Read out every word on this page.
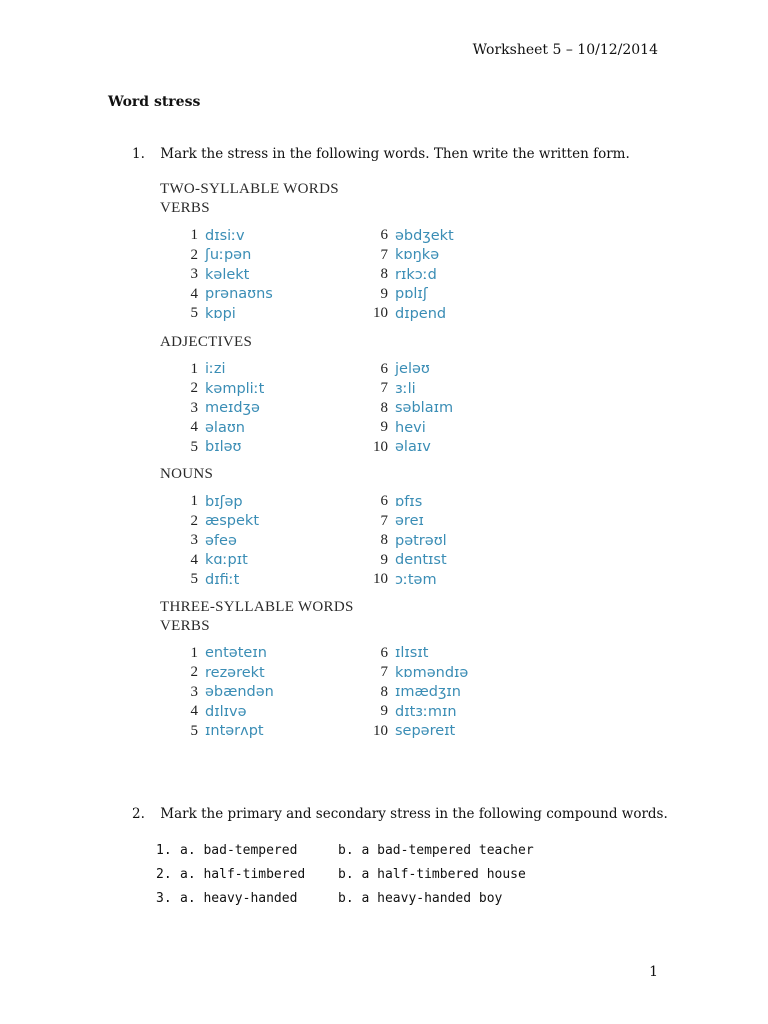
Worksheet 5 – 10/12/2014
Word stress
1. Mark the stress in the following words. Then write the written form.
TWO-SYLLABLE WORDS
VERBS
1 dɪsiːv
2 ʃuːpən
3 kəlekt
4 prənaʊns
5 kɒpi
6 əbdʒekt
7 kɒŋkə
8 rɪkɔːd
9 pɒlɪʃ
10 dɪpend
ADJECTIVES
1 iːzi
2 kəmpliːt
3 meɪdʒə
4 əlaʊn
5 bɪləʊ
6 jeləʊ
7 ɜːli
8 səblaɪm
9 hevi
10 əlaɪv
NOUNS
1 bɪʃəp
2 æspekt
3 əfeə
4 kɑːpɪt
5 dɪfiːt
6 ɒfɪs
7 əreɪ
8 pətrəʊl
9 dentɪst
10 ɔːtəm
THREE-SYLLABLE WORDS
VERBS
1 entəteɪn
2 rezərekt
3 əbændən
4 dɪlɪvə
5 ɪntərʌpt
6 ɪlɪsɪt
7 kɒməndɪə
8 ɪmædʒɪn
9 dɪtɜːmɪn
10 sepəreɪt
2. Mark the primary and secondary stress in the following compound words.
1. a. bad-tempered	b. a bad-tempered teacher
2. a. half-timbered	b. a half-timbered house
3. a. heavy-handed	b. a heavy-handed boy
1
